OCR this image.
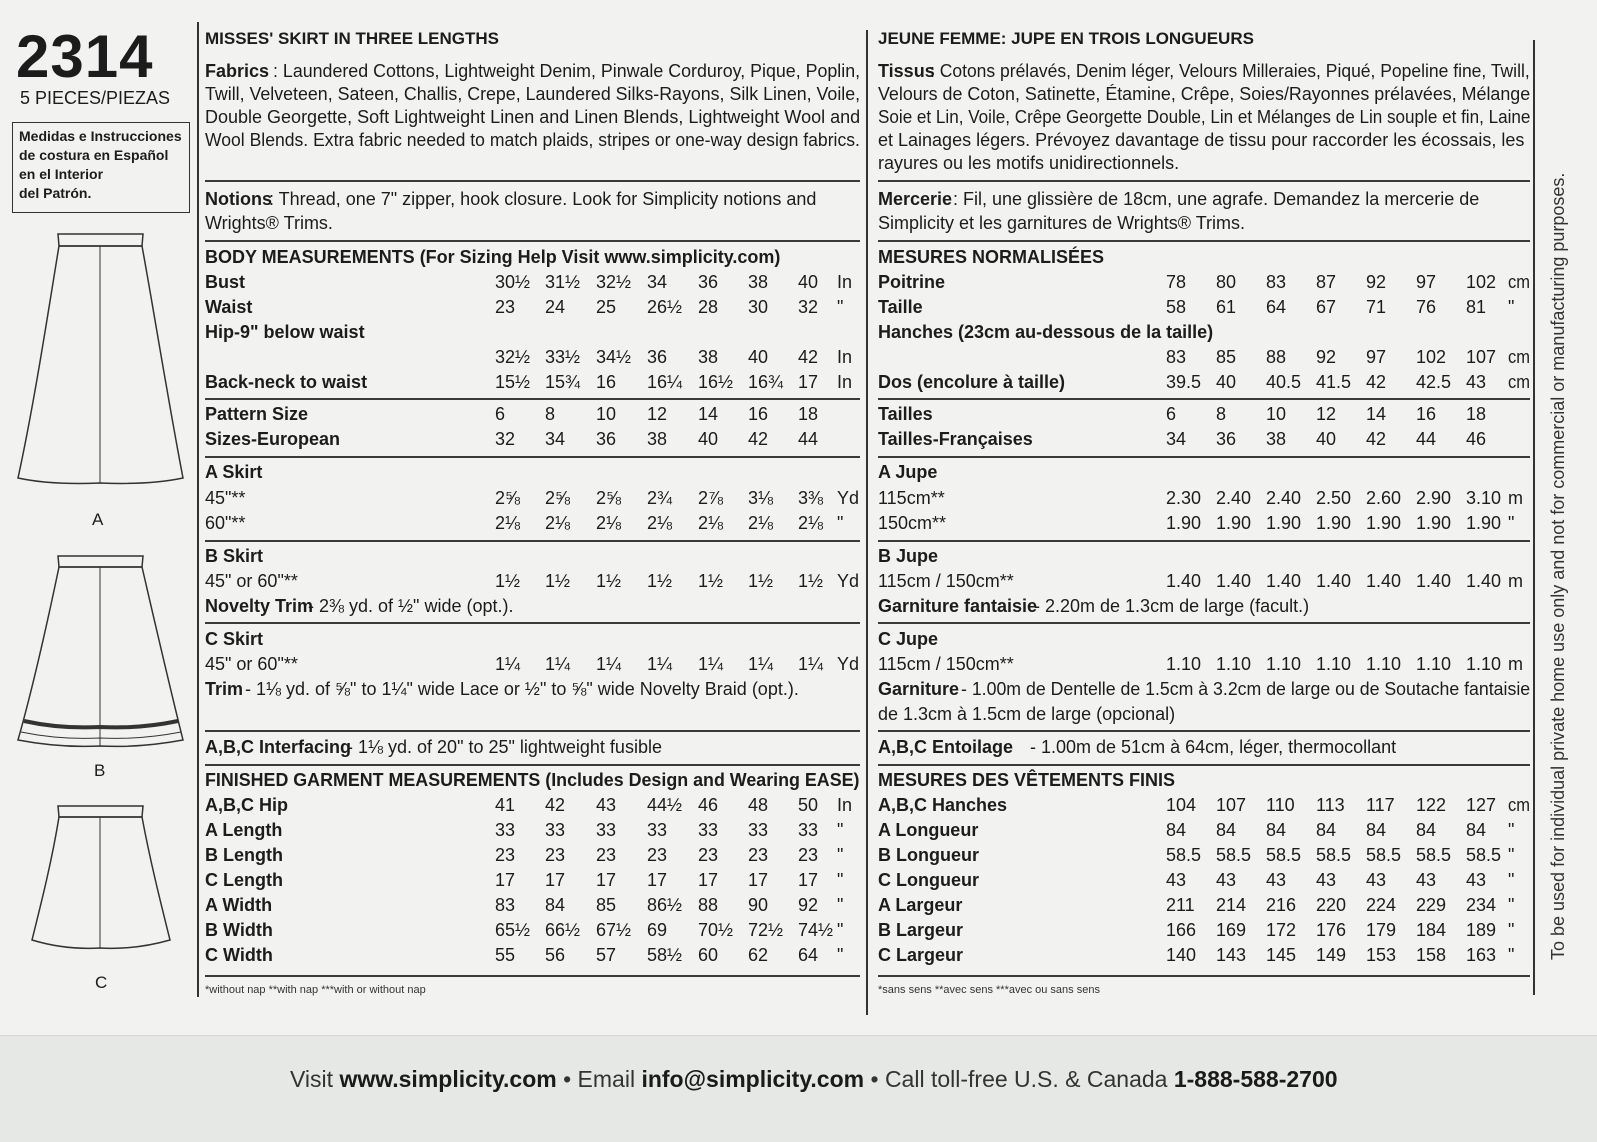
2314
5 PIECES/PIEZAS
Medidas e Instrucciones
de costura en Español
en el Interior
del Patrón.
A
B
C
MISSES' SKIRT IN THREE LENGTHS
Fabrics : Laundered Cottons, Lightweight Denim, Pinwale Corduroy, Pique, Poplin,
Twill, Velveteen, Sateen, Challis, Crepe, Laundered Silks-Rayons, Silk Linen, Voile,
Double Georgette, Soft Lightweight Linen and Linen Blends, Lightweight Wool and
Wool Blends. Extra fabric needed to match plaids, stripes or one-way design fabrics.
Notions
: Thread, one 7" zipper, hook closure. Look for Simplicity notions and
Wrights® Trims.
BODY MEASUREMENTS (For Sizing Help Visit www.simplicity.com)
Bust	30½ 31½ 32½ 34 36 38 40 In
Waist	23 24 25 26½ 28 30 32 "
Hip-9" below waist
32½ 33½ 34½ 36 38 40 42 In
Back-neck to waist	15½ 15¾ 16 16¼ 16½ 16¾ 17 In
Pattern Size	6 8 10 12 14 16 18
Sizes-European	32 34 36 38 40 42 44
A Skirt
45"**	2⅝ 2⅝ 2⅝ 2¾ 2⅞ 3⅛ 3⅜ Yd
60"**	2⅛ 2⅛ 2⅛ 2⅛ 2⅛ 2⅛ 2⅛ "
B Skirt
45" or 60"**	1½ 1½ 1½ 1½ 1½ 1½ 1½ Yd
Novelty Trim
- 2⅜ yd. of ½" wide (opt.).
C Skirt
45" or 60"**	1¼ 1¼ 1¼ 1¼ 1¼ 1¼ 1¼ Yd
Trim - 1⅛ yd. of ⅝" to 1¼" wide Lace or ½" to ⅝" wide Novelty Braid (opt.).
A,B,C Interfacing
- 1⅛ yd. of 20" to 25" lightweight fusible
FINISHED GARMENT MEASUREMENTS (Includes Design and Wearing EASE)
A,B,C Hip	41 42 43 44½ 46 48 50 In
A Length	33 33 33 33 33 33 33 "
B Length	23 23 23 23 23 23 23 "
C Length	17 17 17 17 17 17 17 "
A Width	83 84 85 86½ 88 90 92 "
B Width	65½ 66½ 67½ 69 70½ 72½ 74½ "
C Width	55 56 57 58½ 60 62 64 "
*without nap **with nap ***with or without nap
JEUNE FEMME: JUPE EN TROIS LONGUEURS
Tissus
: Cotons prélavés, Denim léger, Velours Milleraies, Piqué, Popeline fine, Twill,
Velours de Coton, Satinette, Étamine, Crêpe, Soies/Rayonnes prélavées, Mélange
Soie et Lin, Voile, Crêpe Georgette Double, Lin et Mélanges de Lin souple et fin, Laine
et Lainages légers. Prévoyez davantage de tissu pour raccorder les écossais, les
rayures ou les motifs unidirectionnels.
Mercerie : Fil, une glissière de 18cm, une agrafe. Demandez la mercerie de
Simplicity et les garnitures de Wrights® Trims.
MESURES NORMALISÉES
Poitrine	78 80 83 87 92 97 102 cm
Taille	58 61 64 67 71 76 81 "
Hanches (23cm au-dessous de la taille)
83 85 88 92 97 102 107 cm
Dos (encolure à taille)	39.5 40 40.5 41.5 42 42.5 43 cm
Tailles	6 8 10 12 14 16 18
Tailles-Françaises	34 36 38 40 42 44 46
A Jupe
115cm**	2.30 2.40 2.40 2.50 2.60 2.90 3.10 m
150cm**	1.90 1.90 1.90 1.90 1.90 1.90 1.90 "
B Jupe
115cm / 150cm**	1.40 1.40 1.40 1.40 1.40 1.40 1.40 m
Garniture fantaisie
- 2.20m de 1.3cm de large (facult.)
C Jupe
115cm / 150cm**	1.10 1.10 1.10 1.10 1.10 1.10 1.10 m
Garniture - 1.00m de Dentelle de 1.5cm à 3.2cm de large ou de Soutache fantaisie
de 1.3cm à 1.5cm de large (opcional)
A,B,C Entoilage - 1.00m de 51cm à 64cm, léger, thermocollant
MESURES DES VÊTEMENTS FINIS
A,B,C Hanches	104 107 110 113 117 122 127 cm
A Longueur	84 84 84 84 84 84 84 "
B Longueur	58.5 58.5 58.5 58.5 58.5 58.5 58.5 "
C Longueur	43 43 43 43 43 43 43 "
A Largeur	211 214 216 220 224 229 234 "
B Largeur	166 169 172 176 179 184 189 "
C Largeur	140 143 145 149 153 158 163 "
*sans sens **avec sens ***avec ou sans sens
To be used for individual private home use only and not for commercial or manufacturing purposes.
Visit www.simplicity.com • Email info@simplicity.com • Call toll-free U.S. & Canada 1-888-588-2700
